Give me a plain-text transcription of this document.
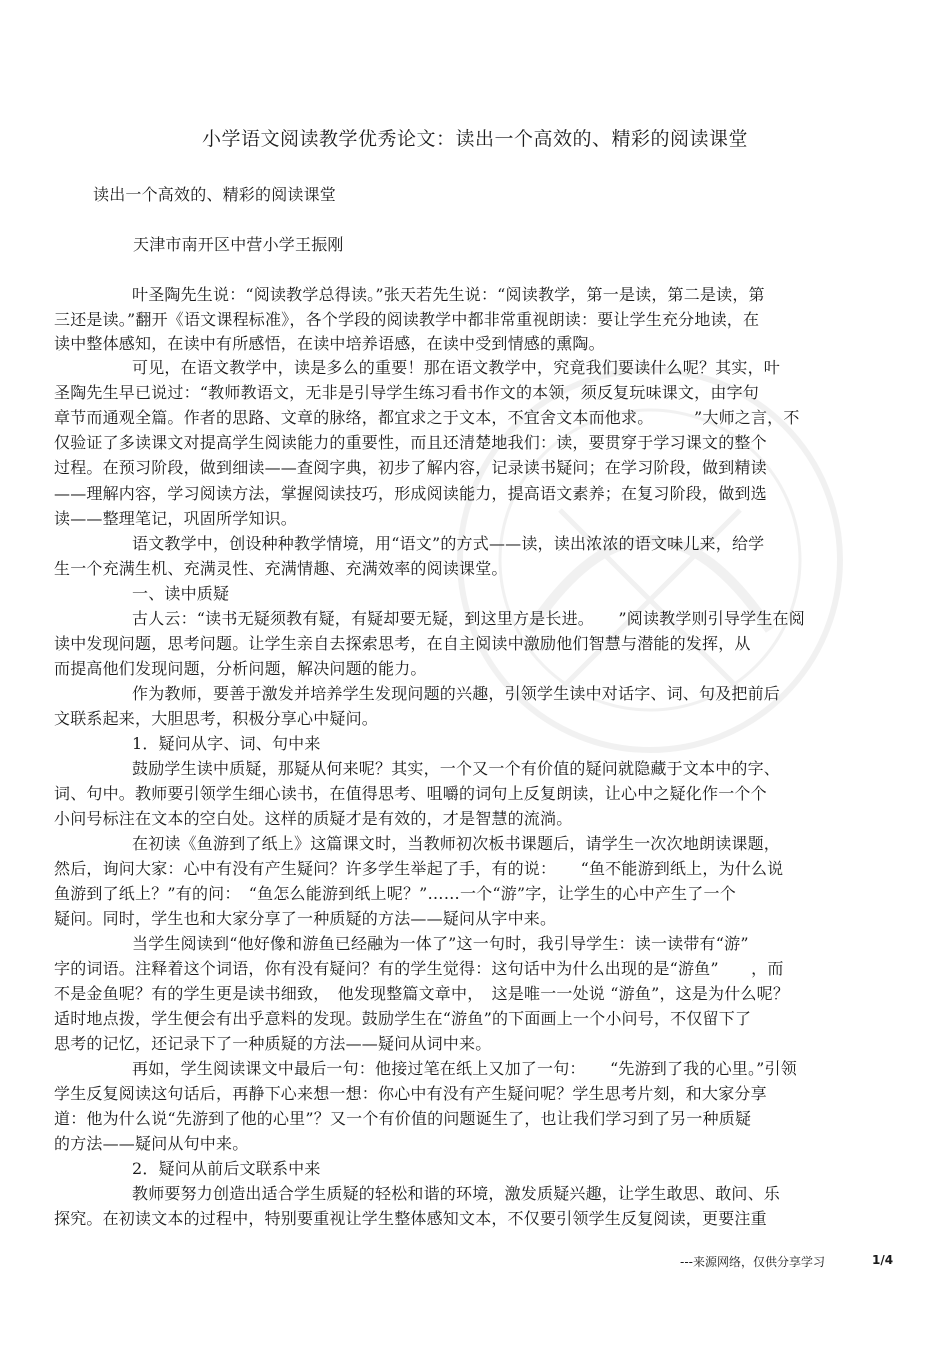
小学语文阅读教学优秀论文：读出一个高效的、精彩的阅读课堂
读出一个高效的、精彩的阅读课堂
天津市南开区中营小学王振刚
叶圣陶先生说：“阅读教学总得读。”张天若先生说：“阅读教学，第一是读，第二是读，第
三还是读。”翻开《语文课程标准》，各个学段的阅读教学中都非常重视朗读：要让学生充分地读，在
读中整体感知，在读中有所感悟，在读中培养语感，在读中受到情感的熏陶。
可见，在语文教学中，读是多么的重要！那在语文教学中，究竟我们要读什么呢？其实，叶
圣陶先生早已说过：“教师教语文，无非是引导学生练习看书作文的本领，须反复玩味课文，由字句
章节而通观全篇。作者的思路、文章的脉络，都宜求之于文本，不宜舍文本而他求。　　　”大师之言，不
仅验证了多读课文对提高学生阅读能力的重要性，而且还清楚地我们：读，要贯穿于学习课文的整个
过程。在预习阶段，做到细读——查阅字典，初步了解内容，记录读书疑问；在学习阶段，做到精读
——理解内容，学习阅读方法，掌握阅读技巧，形成阅读能力，提高语文素养；在复习阶段，做到选
读——整理笔记，巩固所学知识。
语文教学中，创设种种教学情境，用“语文”的方式——读，读出浓浓的语文味儿来，给学
生一个充满生机、充满灵性、充满情趣、充满效率的阅读课堂。
一、读中质疑
古人云：“读书无疑须教有疑，有疑却要无疑，到这里方是长进。　　”阅读教学则引导学生在阅
读中发现问题，思考问题。让学生亲自去探索思考，在自主阅读中激励他们智慧与潜能的发挥，从
而提高他们发现问题，分析问题，解决问题的能力。
作为教师，要善于激发并培养学生发现问题的兴趣，引领学生读中对话字、词、句及把前后
文联系起来，大胆思考，积极分享心中疑问。
1．疑问从字、词、句中来
鼓励学生读中质疑，那疑从何来呢？其实，一个又一个有价值的疑问就隐藏于文本中的字、
词、句中。教师要引领学生细心读书，在值得思考、咀嚼的词句上反复朗读，让心中之疑化作一个个
小问号标注在文本的空白处。这样的质疑才是有效的，才是智慧的流淌。
在初读《鱼游到了纸上》这篇课文时，当教师初次板书课题后，请学生一次次地朗读课题，
然后，询问大家：心中有没有产生疑问？许多学生举起了手，有的说：　　“鱼不能游到纸上，为什么说
鱼游到了纸上？”有的问：　“鱼怎么能游到纸上呢？”……一个“游”字，让学生的心中产生了一个
疑问。同时，学生也和大家分享了一种质疑的方法——疑问从字中来。
当学生阅读到“他好像和游鱼已经融为一体了”这一句时，我引导学生：读一读带有“游”
字的词语。注释着这个词语，你有没有疑问？有的学生觉得：这句话中为什么出现的是“游鱼”　　，而
不是金鱼呢？有的学生更是读书细致，　他发现整篇文章中，　这是唯一一处说 “游鱼”，这是为什么呢？
适时地点拨，学生便会有出乎意料的发现。鼓励学生在“游鱼”的下面画上一个小问号，不仅留下了
思考的记忆，还记录下了一种质疑的方法——疑问从词中来。
再如，学生阅读课文中最后一句：他接过笔在纸上又加了一句：　　“先游到了我的心里。”引领
学生反复阅读这句话后，再静下心来想一想：你心中有没有产生疑问呢？学生思考片刻，和大家分享
道：他为什么说“先游到了他的心里”？又一个有价值的问题诞生了，也让我们学习到了另一种质疑
的方法——疑问从句中来。
2．疑问从前后文联系中来
教师要努力创造出适合学生质疑的轻松和谐的环境，激发质疑兴趣，让学生敢思、敢问、乐
探究。在初读文本的过程中，特别要重视让学生整体感知文本，不仅要引领学生反复阅读，更要注重
---来源网络，仅供分享学习	1/4
